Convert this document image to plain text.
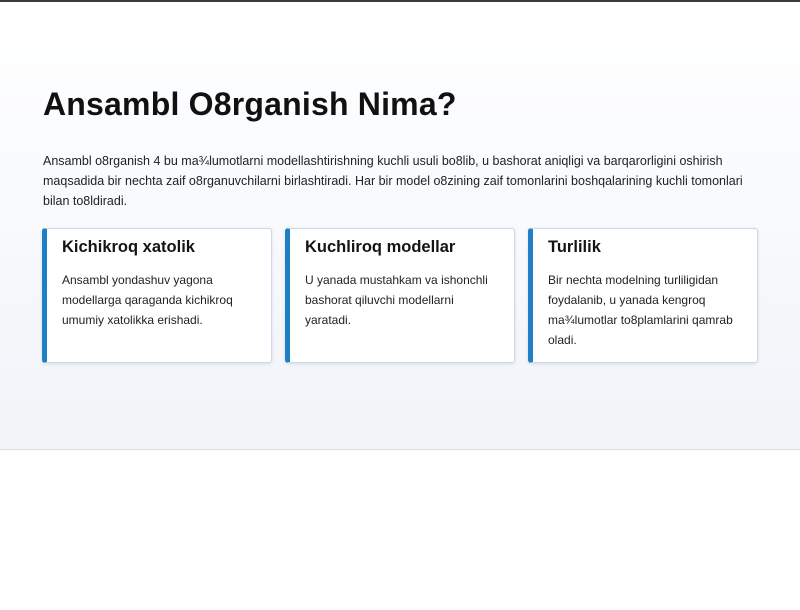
Ansambl O8rganish Nima?

Ansambl o8rganish 4 bu ma¾lumotlarni modellashtirishning kuchli usuli bo8lib, u bashorat aniqligi va barqarorligini oshirish maqsadida bir nechta zaif o8rganuvchilarni birlashtiradi. Har bir model o8zining zaif tomonlarini boshqalarining kuchli tomonlari bilan to8ldiradi.

Kichikroq xatolik
Ansambl yondashuv yagona modellarga qaraganda kichikroq umumiy xatolikka erishadi.
Kuchliroq modellar
U yanada mustahkam va ishonchli bashorat qiluvchi modellarni yaratadi.
Turlilik
Bir nechta modelning turliligidan foydalanib, u yanada kengroq ma¾lumotlar to8plamlarini qamrab oladi.
